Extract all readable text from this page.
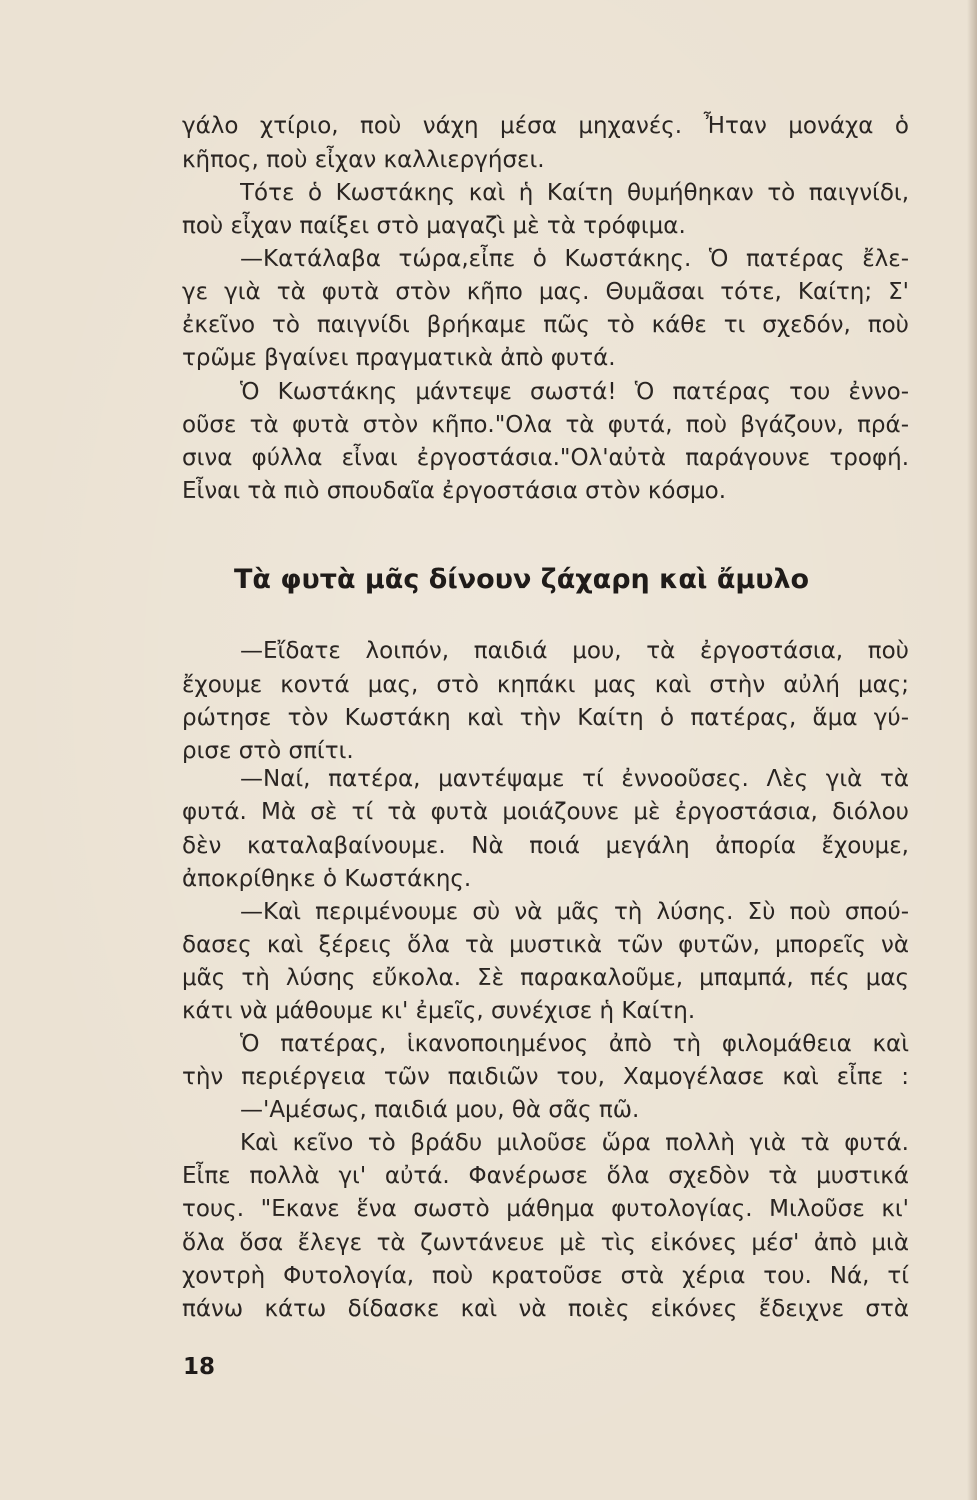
γάλο χτίριο, ποὺ νάχη μέσα μηχανές. Ἦταν μονάχα ὁ

κῆπος, ποὺ εἶχαν καλλιεργήσει.

Τότε ὁ Κωστάκης καὶ ἡ Καίτη θυμήθηκαν τὸ παιγνίδι,

ποὺ εἶχαν παίξει στὸ μαγαζὶ μὲ τὰ τρόφιμα.

—Κατάλαβα τώρα,εἶπε ὁ Κωστάκης. Ὁ πατέρας ἔλε-

γε γιὰ τὰ φυτὰ στὸν κῆπο μας. Θυμᾶσαι τότε, Καίτη; Σ'

ἐκεῖνο τὸ παιγνίδι βρήκαμε πῶς τὸ κάθε τι σχεδόν, ποὺ

τρῶμε βγαίνει πραγματικὰ ἀπὸ φυτά.

Ὁ Κωστάκης μάντεψε σωστά! Ὁ πατέρας του ἐννο-

οῦσε τὰ φυτὰ στὸν κῆπο."Ολα τὰ φυτά, ποὺ βγάζουν, πρά-

σινα φύλλα εἶναι ἐργοστάσια."Ολ'αὐτὰ παράγουνε τροφή.

Εἶναι τὰ πιὸ σπουδαῖα ἐργοστάσια στὸν κόσμο.

Τὰ φυτὰ μᾶς δίνουν ζάχαρη καὶ ἄμυλο

—Εἴδατε λοιπόν, παιδιά μου, τὰ ἐργοστάσια, ποὺ

ἔχουμε κοντά μας, στὸ κηπάκι μας καὶ στὴν αὐλή μας;

ρώτησε τὸν Κωστάκη καὶ τὴν Καίτη ὁ πατέρας, ἅμα γύ-

ρισε στὸ σπίτι.

—Ναί, πατέρα, μαντέψαμε τί ἐννοοῦσες. Λὲς γιὰ τὰ

φυτά. Μὰ σὲ τί τὰ φυτὰ μοιάζουνε μὲ ἐργοστάσια, διόλου

δὲν καταλαβαίνουμε. Νὰ ποιά μεγάλη ἀπορία ἔχουμε,

ἀποκρίθηκε ὁ Κωστάκης.

—Καὶ περιμένουμε σὺ νὰ μᾶς τὴ λύσης. Σὺ ποὺ σπού-

δασες καὶ ξέρεις ὅλα τὰ μυστικὰ τῶν φυτῶν, μπορεῖς νὰ

μᾶς τὴ λύσης εὔκολα. Σὲ παρακαλοῦμε, μπαμπά, πές μας

κάτι νὰ μάθουμε κι' ἐμεῖς, συνέχισε ἡ Καίτη.

Ὁ πατέρας, ἱκανοποιημένος ἀπὸ τὴ φιλομάθεια καὶ

τὴν περιέργεια τῶν παιδιῶν του, Χαμογέλασε καὶ εἶπε :

—'Αμέσως, παιδιά μου, θὰ σᾶς πῶ.

Καὶ κεῖνο τὸ βράδυ μιλοῦσε ὥρα πολλὴ γιὰ τὰ φυτά.

Εἶπε πολλὰ γι' αὐτά. Φανέρωσε ὅλα σχεδὸν τὰ μυστικά

τους. "Εκανε ἕνα σωστὸ μάθημα φυτολογίας. Μιλοῦσε κι'

ὅλα ὅσα ἔλεγε τὰ ζωντάνευε μὲ τὶς εἰκόνες μέσ' ἀπὸ μιὰ

χοντρὴ Φυτολογία, ποὺ κρατοῦσε στὰ χέρια του. Νά, τί

πάνω κάτω δίδασκε καὶ νὰ ποιὲς εἰκόνες ἔδειχνε στὰ

18
